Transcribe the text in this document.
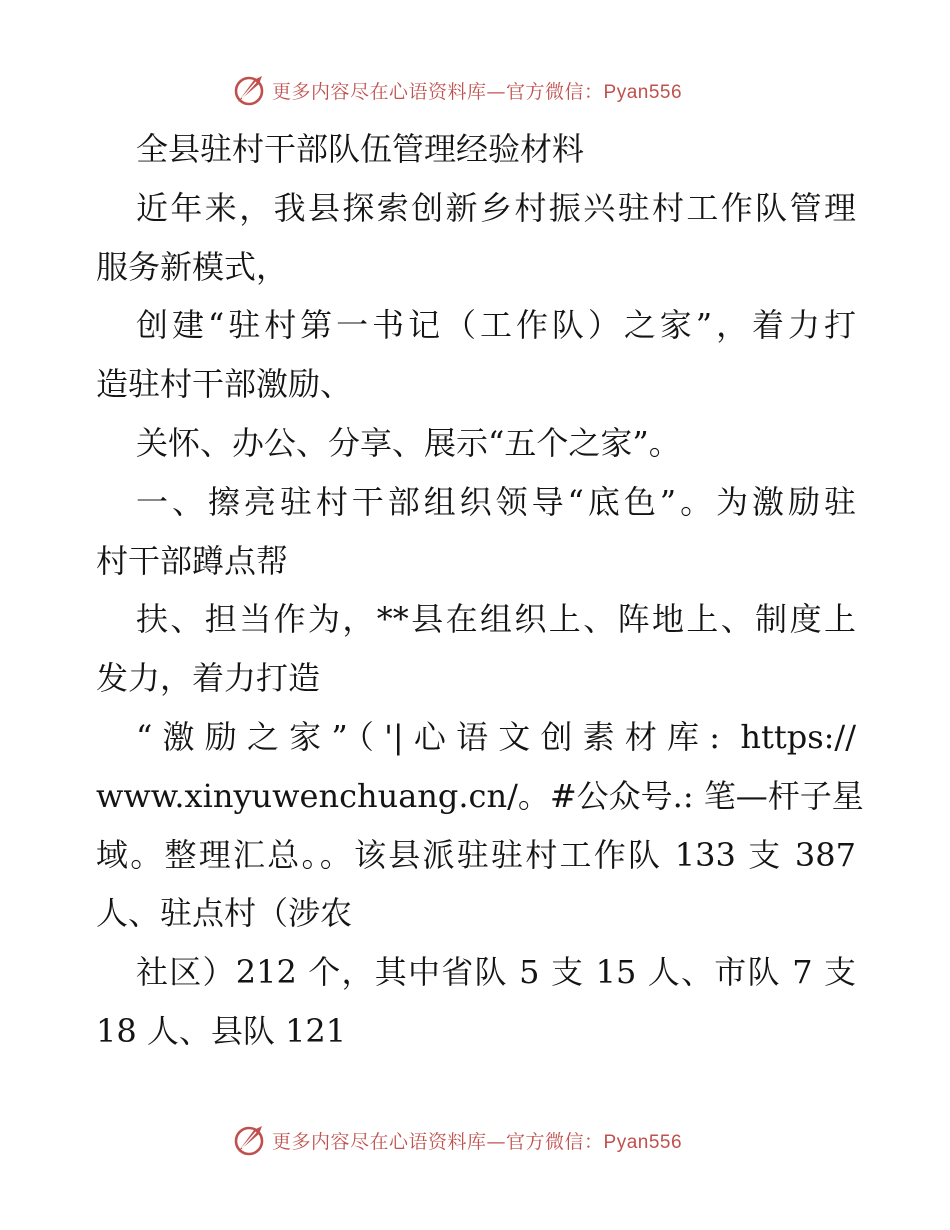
更多内容尽在心语资料库—官方微信：Pyan556
全县驻村干部队伍管理经验材料
近年来，我县探索创新乡村振兴驻村工作队管理
服务新模式，
创建“驻村第一书记（工作队）之家”，着力打
造驻村干部激励、
关怀、办公、分享、展示“五个之家”。
一、擦亮驻村干部组织领导“底色”。为激励驻
村干部蹲点帮
扶、担当作为，**县在组织上、阵地上、制度上
发力，着力打造
“激励之家”（'|心语文创素材库: https://
www.xinyuwenchuang.cn/。#公众号.: 笔—杆子星
域。整理汇总。。该县派驻驻村工作队 133 支 387
人、驻点村（涉农
社区）212 个，其中省队 5 支 15 人、市队 7 支
18 人、县队 121
更多内容尽在心语资料库—官方微信：Pyan556
